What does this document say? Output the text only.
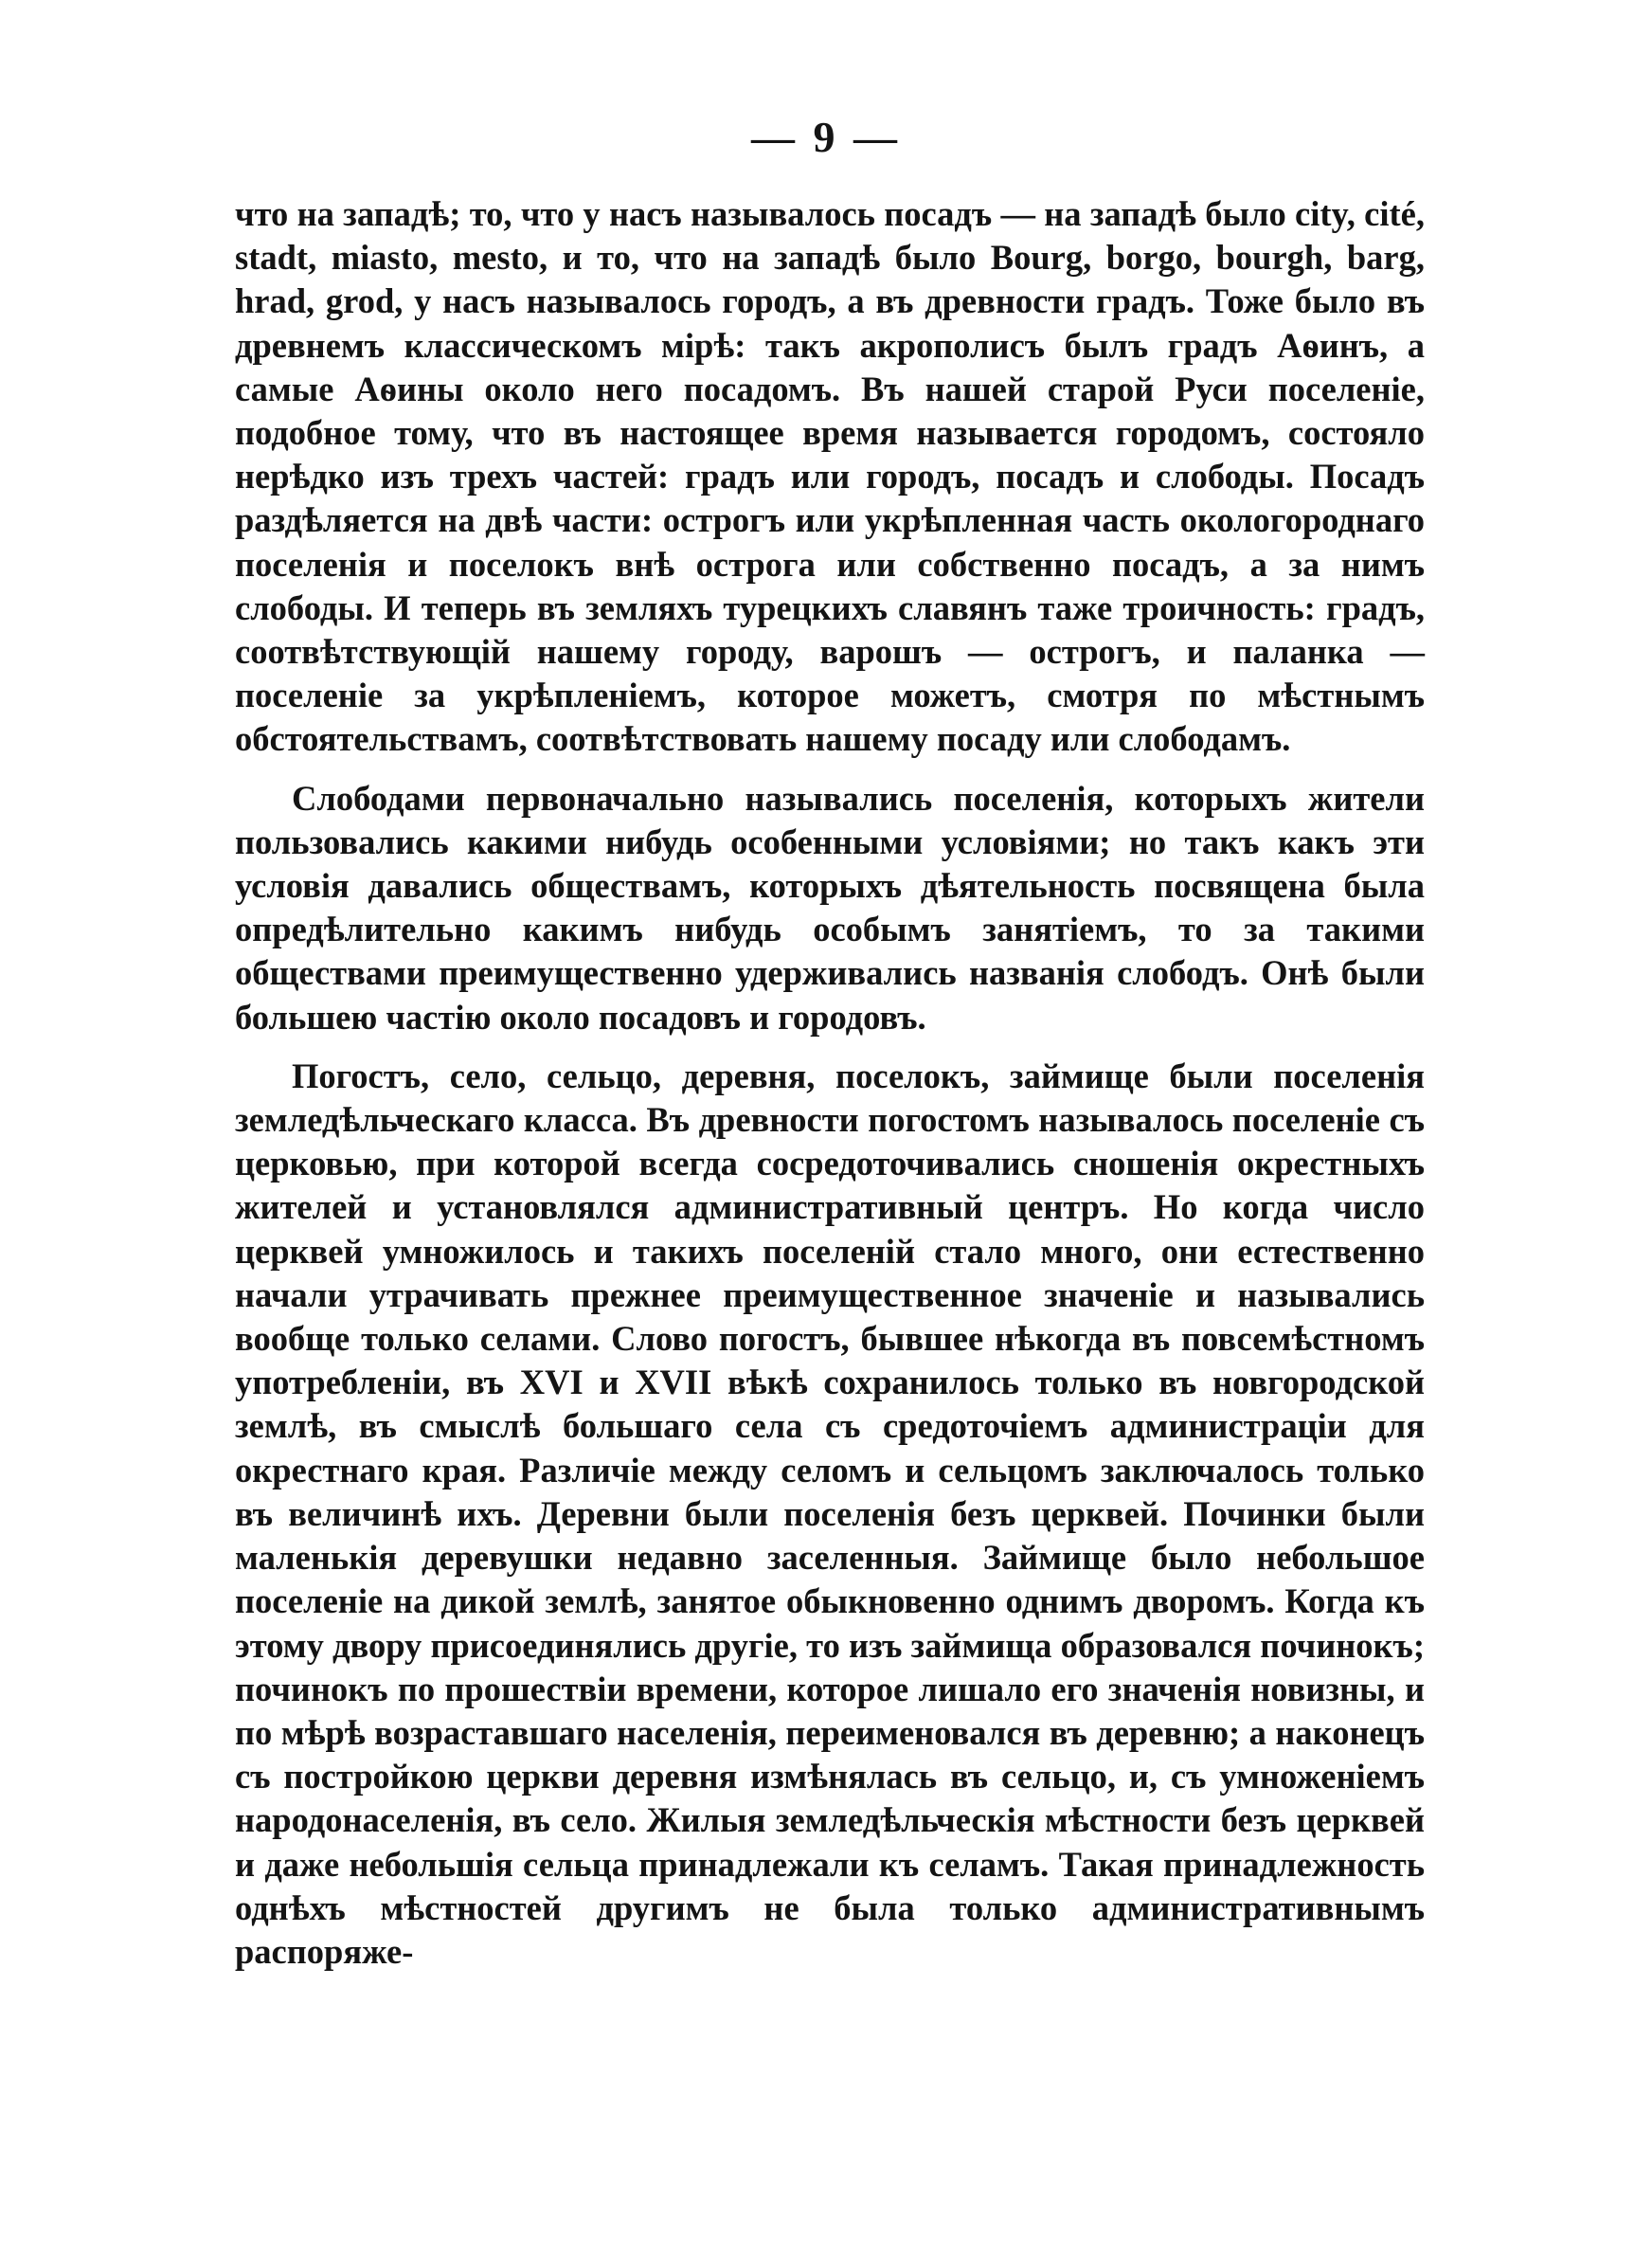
— 9 —

что на западѣ; то, что у насъ называлось посадъ — на западѣ было city, cité, stadt, miasto, mesto, и то, что на западѣ было Bourg, borgo, bourgh, barg, hrad, grod, у насъ называлось городъ, а въ древности градъ. Тоже было въ древнемъ классическомъ мірѣ: такъ акрополисъ былъ градъ Аѳинъ, а самые Аѳины около него посадомъ. Въ нашей старой Руси поселеніе, подобное тому, что въ настоящее время называется городомъ, состояло нерѣдко изъ трехъ частей: градъ или городъ, посадъ и слободы. Посадъ раздѣляется на двѣ части: острогъ или укрѣпленная часть окологороднаго поселенія и поселокъ внѣ острога или собственно посадъ, а за нимъ слободы. И теперь въ земляхъ турецкихъ славянъ таже троичность: градъ, соотвѣтствующій нашему городу, варошъ — острогъ, и паланка — поселеніе за укрѣпленіемъ, которое можетъ, смотря по мѣстнымъ обстоятельствамъ, соотвѣтствовать нашему посаду или слободамъ.

Слободами первоначально назывались поселенія, которыхъ жители пользовались какими нибудь особенными условіями; но такъ какъ эти условія давались обществамъ, которыхъ дѣятельность посвящена была опредѣлительно какимъ нибудь особымъ занятіемъ, то за такими обществами преимущественно удерживались названія слободъ. Онѣ были большею частію около посадовъ и городовъ.

Погостъ, село, сельцо, деревня, поселокъ, займище были поселенія земледѣльческаго класса. Въ древности погостомъ называлось поселеніе съ церковью, при которой всегда сосредоточивались сношенія окрестныхъ жителей и установлялся административный центръ. Но когда число церквей умножилось и такихъ поселеній стало много, они естественно начали утрачивать прежнее преимущественное значеніе и назывались вообще только селами. Слово погостъ, бывшее нѣкогда въ повсемѣстномъ употребленіи, въ XVI и XVII вѣкѣ сохранилось только въ новгородской землѣ, въ смыслѣ большаго села съ средоточіемъ администраціи для окрестнаго края. Различіе между селомъ и сельцомъ заключалось только въ величинѣ ихъ. Деревни были поселенія безъ церквей. Починки были маленькія деревушки недавно заселенныя. Займище было небольшое поселеніе на дикой землѣ, занятое обыкновенно однимъ дворомъ. Когда къ этому двору присоединялись другіе, то изъ займища образовался починокъ; починокъ по прошествіи времени, которое лишало его значенія новизны, и по мѣрѣ возраставшаго населенія, переименовался въ деревню; а наконецъ съ постройкою церкви деревня измѣнялась въ сельцо, и, съ умноженіемъ народонаселенія, въ село. Жилыя земледѣльческія мѣстности безъ церквей и даже небольшія сельца принадлежали къ селамъ. Такая принадлежность однѣхъ мѣстностей другимъ не была только административнымъ распоряже-
